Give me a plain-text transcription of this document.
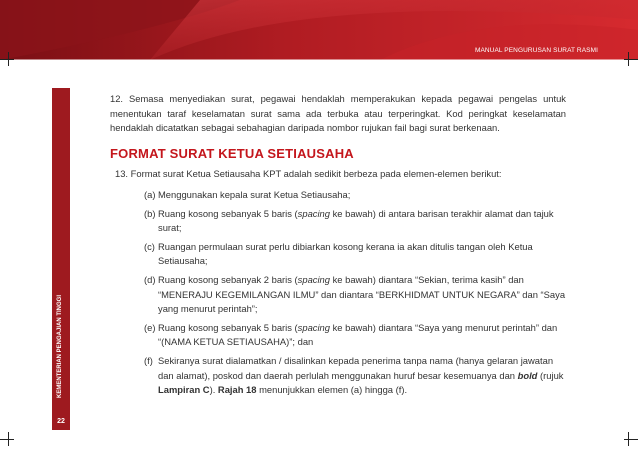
MANUAL PENGURUSAN SURAT RASMI
KEMENTERIAN PENGAJIAN TINGGI
22

12. Semasa menyediakan surat, pegawai hendaklah memperakukan kepada pegawai pengelas untuk menentukan taraf keselamatan surat sama ada terbuka atau terperingkat. Kod peringkat keselamatan hendaklah dicatatkan sebagai sebahagian daripada nombor rujukan fail bagi surat berkenaan.

FORMAT SURAT KETUA SETIAUSAHA
13. Format surat Ketua Setiausaha KPT adalah sedikit berbeza pada elemen-elemen berikut:
(a) Menggunakan kepala surat Ketua Setiausaha;
(b) Ruang kosong sebanyak 5 baris (spacing ke bawah) di antara barisan terakhir alamat dan tajuk surat;
(c) Ruangan permulaan surat perlu dibiarkan kosong kerana ia akan ditulis tangan oleh Ketua Setiausaha;
(d) Ruang kosong sebanyak 2 baris (spacing ke bawah) diantara “Sekian, terima kasih” dan “MENERAJU KEGEMILANGAN ILMU” dan diantara “BERKHIDMAT UNTUK NEGARA” dan “Saya yang menurut perintah”;
(e) Ruang kosong sebanyak 5 baris (spacing ke bawah) diantara “Saya yang menurut perintah” dan “(NAMA KETUA SETIAUSAHA)”; dan
(f) Sekiranya surat dialamatkan / disalinkan kepada penerima tanpa nama (hanya gelaran jawatan dan alamat), poskod dan daerah perlulah menggunakan huruf besar kesemuanya dan bold (rujuk Lampiran C). Rajah 18 menunjukkan elemen (a) hingga (f).
